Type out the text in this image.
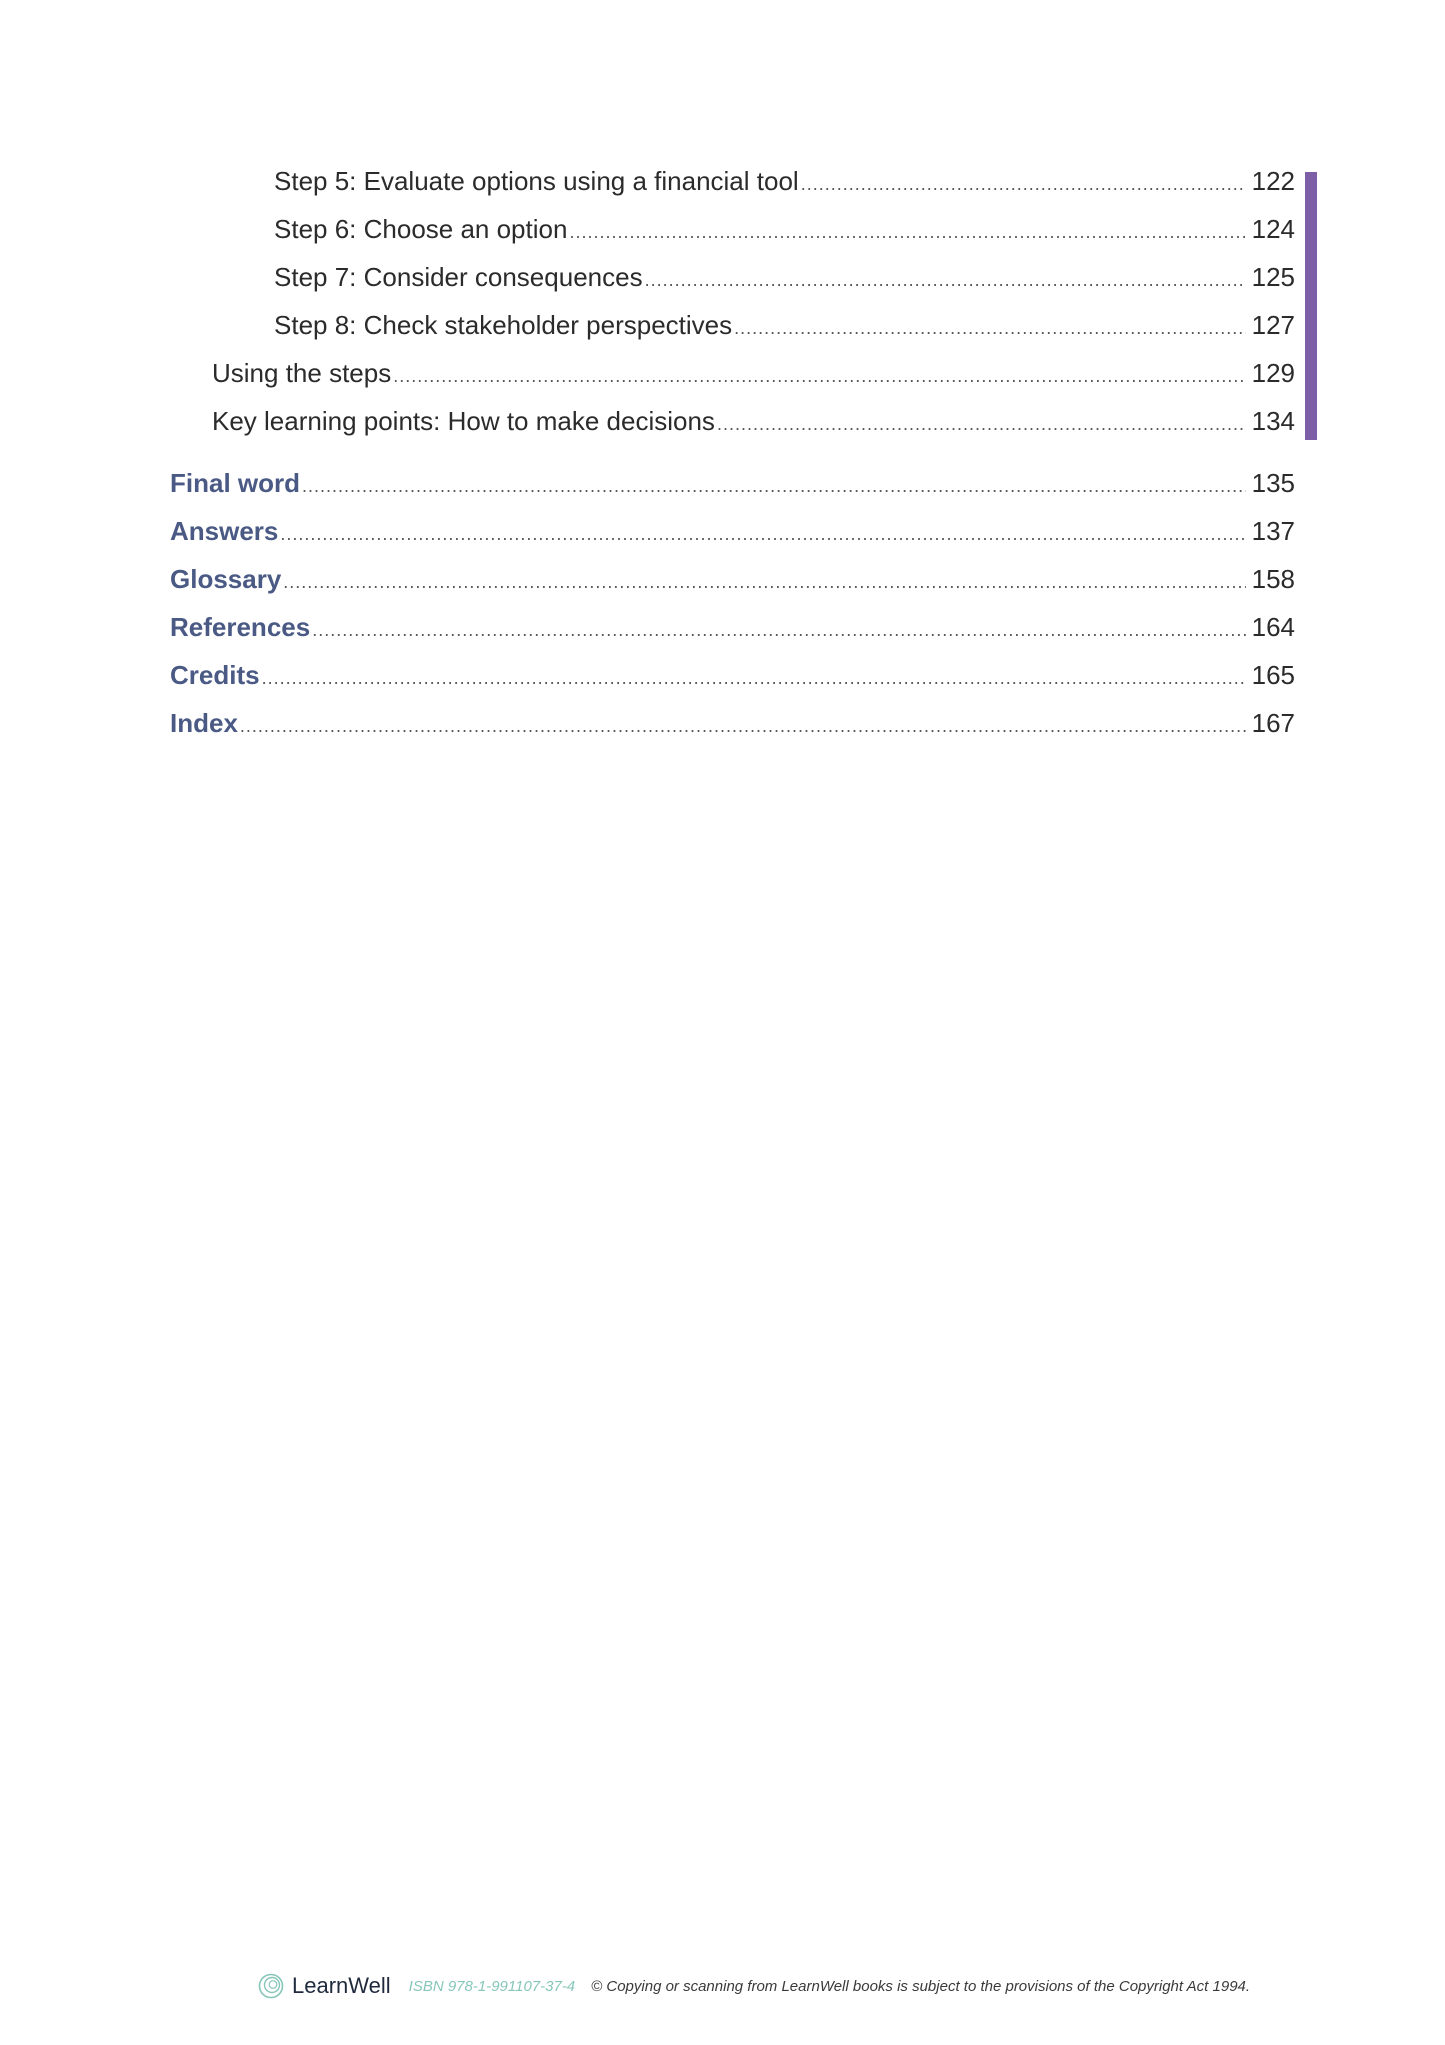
Step 5: Evaluate options using a financial tool .....	122
Step 6: Choose an option .....	124
Step 7: Consider consequences .....	125
Step 8: Check stakeholder perspectives .....	127
Using the steps .....	129
Key learning points: How to make decisions .....	134
Final word .....	135
Answers .....	137
Glossary .....	158
References .....	164
Credits .....	165
Index .....	167
LearnWell ISBN 978-1-991107-37-4 © Copying or scanning from LearnWell books is subject to the provisions of the Copyright Act 1994.
